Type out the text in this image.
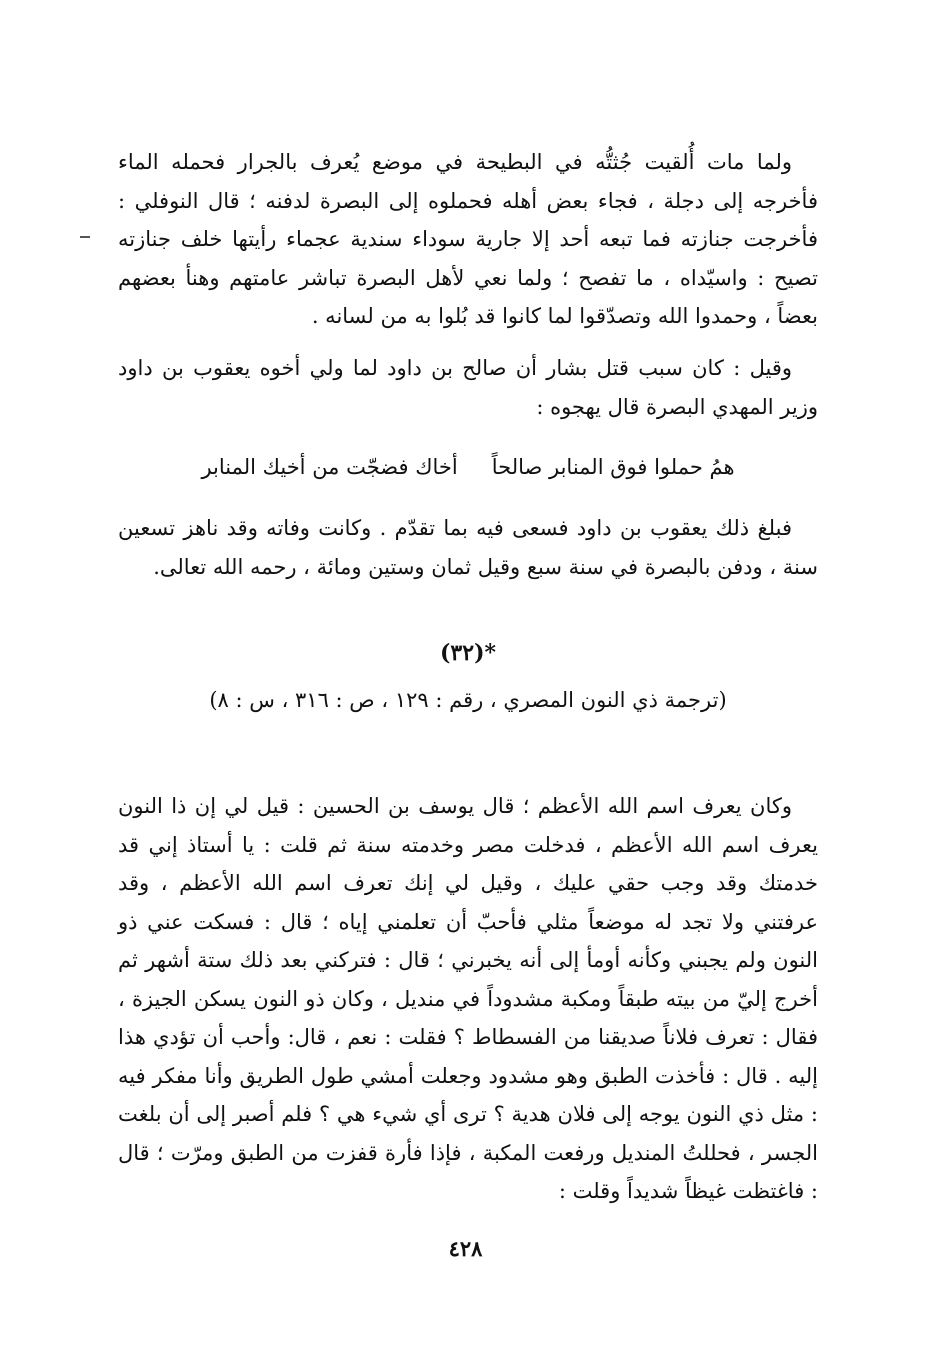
ولما مات أُلقيت جُثتُّه في البطيحة في موضع يُعرف بالجرار فحمله الماء فأخرجه إلى دجلة ، فجاء بعض أهله فحملوه إلى البصرة لدفنه ؛ قال النوفلي : فأخرجت جنازته فما تبعه أحد إلا جارية سوداء سندية عجماء رأيتها خلف جنازته تصيح : واسيّداه ، ما تفصح ؛ ولما نعي لأهل البصرة تباشر عامتهم وهنأ بعضهم بعضاً ، وحمدوا الله وتصدّقوا لما كانوا قد بُلوا به من لسانه .

وقيل : كان سبب قتل بشار أن صالح بن داود لما ولي أخوه يعقوب بن داود وزير المهدي البصرة قال يهجوه :

همُ حملوا فوق المنابر صالحاً
أخاك فضجّت من أخيك المنابر

فبلغ ذلك يعقوب بن داود فسعى فيه بما تقدّم . وكانت وفاته وقد ناهز تسعين سنة ، ودفن بالبصرة في سنة سبع وقيل ثمان وستين ومائة ، رحمه الله تعالى.

*(٣٢)
(ترجمة ذي النون المصري ، رقم : ١٢٩ ، ص : ٣١٦ ، س : ٨)

وكان يعرف اسم الله الأعظم ؛ قال يوسف بن الحسين : قيل لي إن ذا النون يعرف اسم الله الأعظم ، فدخلت مصر وخدمته سنة ثم قلت : يا أستاذ إني قد خدمتك وقد وجب حقي عليك ، وقيل لي إنك تعرف اسم الله الأعظم ، وقد عرفتني ولا تجد له موضعاً مثلي فأحبّ أن تعلمني إياه ؛ قال : فسكت عني ذو النون ولم يجبني وكأنه أومأ إلى أنه يخبرني ؛ قال : فتركني بعد ذلك ستة أشهر ثم أخرج إليّ من بيته طبقاً ومكبة مشدوداً في منديل ، وكان ذو النون يسكن الجيزة ، فقال : تعرف فلاناً صديقنا من الفسطاط ؟ فقلت : نعم ، قال: وأحب أن تؤدي هذا إليه . قال : فأخذت الطبق وهو مشدود وجعلت أمشي طول الطريق وأنا مفكر فيه : مثل ذي النون يوجه إلى فلان هدية ؟ ترى أي شيء هي ؟ فلم أصبر إلى أن بلغت الجسر ، فحللتُ المنديل ورفعت المكبة ، فإذا فأرة قفزت من الطبق ومرّت ؛ قال : فاغتظت غيظاً شديداً وقلت :

٤٢٨
